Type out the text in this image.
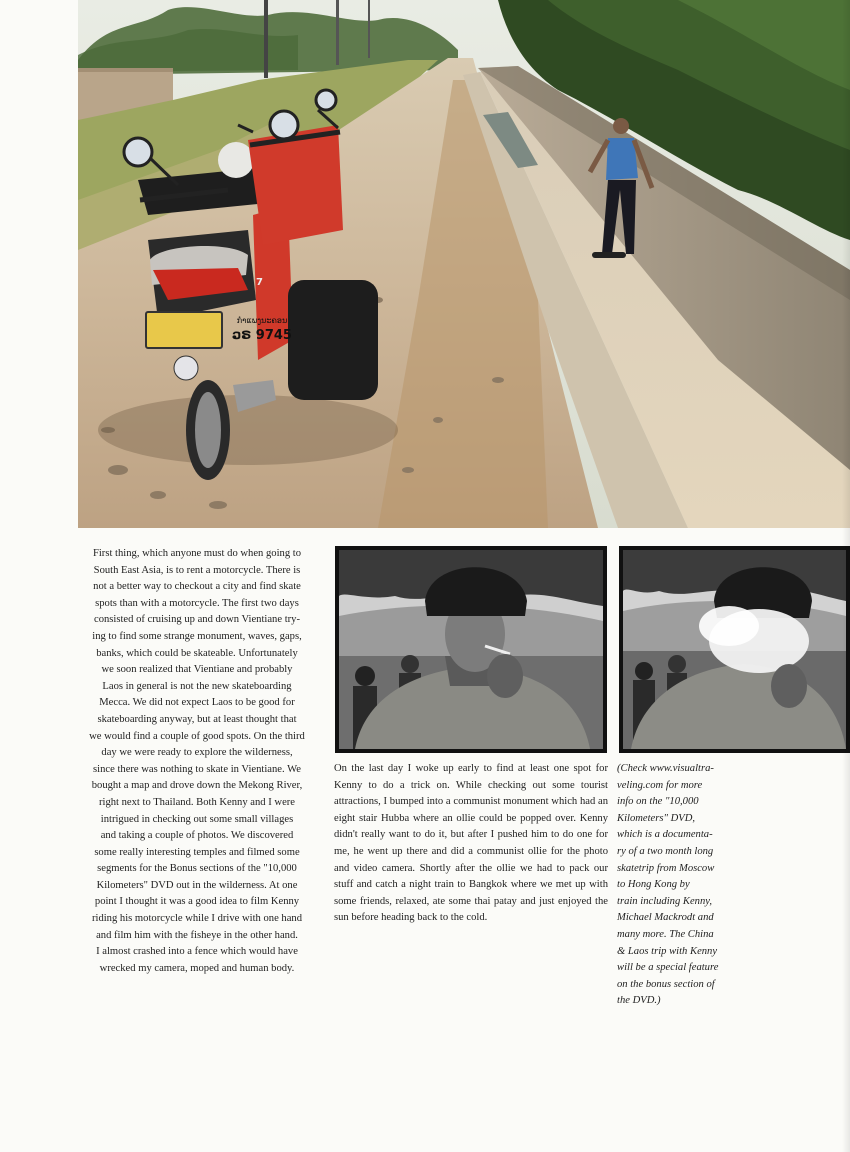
ກຳແພງນະຄອນ
ວຣ 9745
7
First thing, which anyone must do when going to
South East Asia, is to rent a motorcycle. There is
not a better way to checkout a city and find skate
spots than with a motorcycle. The first two days
consisted of cruising up and down Vientiane try-
ing to find some strange monument, waves, gaps,
banks, which could be skateable. Unfortunately
we soon realized that Vientiane and probably
Laos in general is not the new skateboarding
Mecca. We did not expect Laos to be good for
skateboarding anyway, but at least thought that
we would find a couple of good spots. On the third
day we were ready to explore the wilderness,
since there was nothing to skate in Vientiane. We
bought a map and drove down the Mekong River,
right next to Thailand. Both Kenny and I were
intrigued in checking out some small villages
and taking a couple of photos. We discovered
some really interesting temples and filmed some
segments for the Bonus sections of the "10,000
Kilometers" DVD out in the wilderness. At one
point I thought it was a good idea to film Kenny
riding his motorcycle while I drive with one hand
and film him with the fisheye in the other hand.
I almost crashed into a fence which would have
wrecked my camera, moped and human body.

On the last day I woke up early to find at least one spot for Kenny to do a trick on. While checking out some tourist attractions, I bumped into a communist monument which had an eight stair Hubba where an ollie could be popped over. Kenny didn't really want to do it, but after I pushed him to do one for me, he went up there and did a communist ollie for the photo and video camera. Shortly after the ollie we had to pack our stuff and catch a night train to Bangkok where we met up with some friends, relaxed, ate some thai patay and just enjoyed the sun before heading back to the cold.

(Check www.visualtra-
veling.com for more
info on the "10,000
Kilometers" DVD,
which is a documenta-
ry of a two month long
skatetrip from Moscow
to Hong Kong by
train including Kenny,
Michael Mackrodt and
many more. The China
& Laos trip with Kenny
will be a special feature
on the bonus section of
the DVD.)
